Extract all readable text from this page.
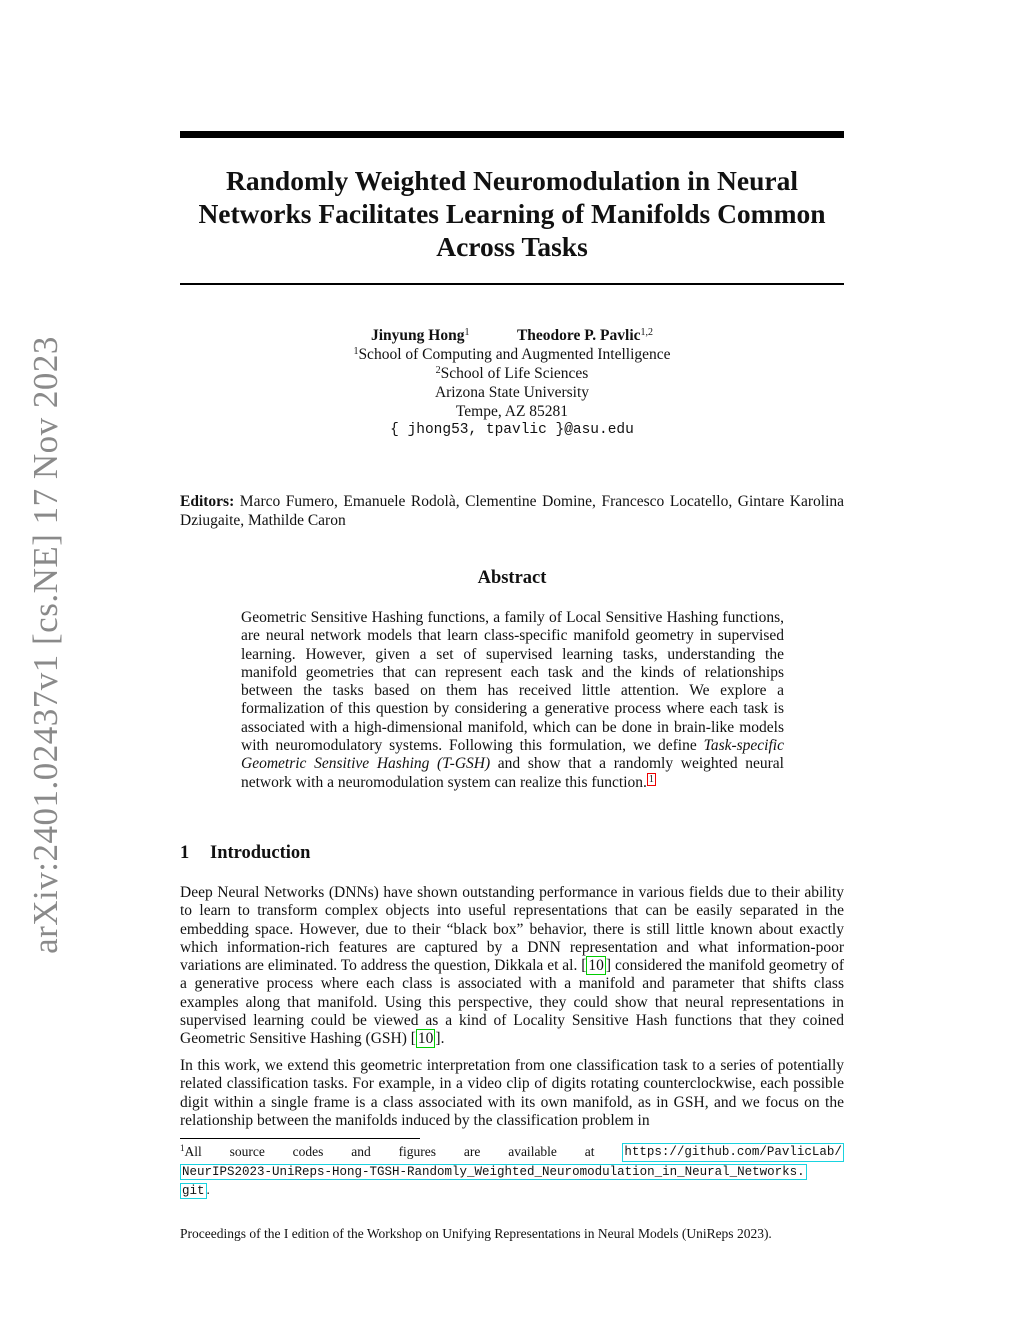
arXiv:2401.02437v1 [cs.NE] 17 Nov 2023
Randomly Weighted Neuromodulation in Neural
Networks Facilitates Learning of Manifolds Common
Across Tasks
Jinyung Hong$^1$	Theodore P. Pavlic$^{1,2}$
$^1$School of Computing and Augmented Intelligence
$^2$School of Life Sciences
Arizona State University
Tempe, AZ 85281
{ jhong53, tpavlic }@asu.edu
Editors: Marco Fumero, Emanuele Rodolà, Clementine Domine, Francesco Locatello, Gintare Karolina Dziugaite, Mathilde Caron
Abstract
Geometric Sensitive Hashing functions, a family of Local Sensitive Hashing functions, are neural network models that learn class-specific manifold geometry in supervised learning. However, given a set of supervised learning tasks, understanding the manifold geometries that can represent each task and the kinds of relationships between the tasks based on them has received little attention. We explore a formalization of this question by considering a generative process where each task is associated with a high-dimensional manifold, which can be done in brain-like models with neuromodulatory systems. Following this formulation, we define Task-specific Geometric Sensitive Hashing (T-GSH) and show that a randomly weighted neural network with a neuromodulation system can realize this function. $^1$
1 Introduction
Deep Neural Networks (DNNs) have shown outstanding performance in various fields due to their ability to learn to transform complex objects into useful representations that can be easily separated in the embedding space. However, due to their “black box” behavior, there is still little known about exactly which information-rich features are captured by a DNN representation and what information-poor variations are eliminated. To address the question, Dikkala et al. [ 10 ] considered the manifold geometry of a generative process where each class is associated with a manifold and parameter that shifts class examples along that manifold. Using this perspective, they could show that neural representations in supervised learning could be viewed as a kind of Locality Sensitive Hash functions that they coined Geometric Sensitive Hashing (GSH) [ 10 ].
In this work, we extend this geometric interpretation from one classification task to a series of potentially related classification tasks. For example, in a video clip of digits rotating counterclockwise, each possible digit within a single frame is a class associated with its own manifold, as in GSH, and we focus on the relationship between the manifolds induced by the classification problem in
$^1$All source codes and figures are available at https://github.com/PavlicLab/
NeurIPS2023-UniReps-Hong-TGSH-Randomly_Weighted_Neuromodulation_in_Neural_Networks.
git .
Proceedings of the I edition of the Workshop on Unifying Representations in Neural Models (UniReps 2023).
